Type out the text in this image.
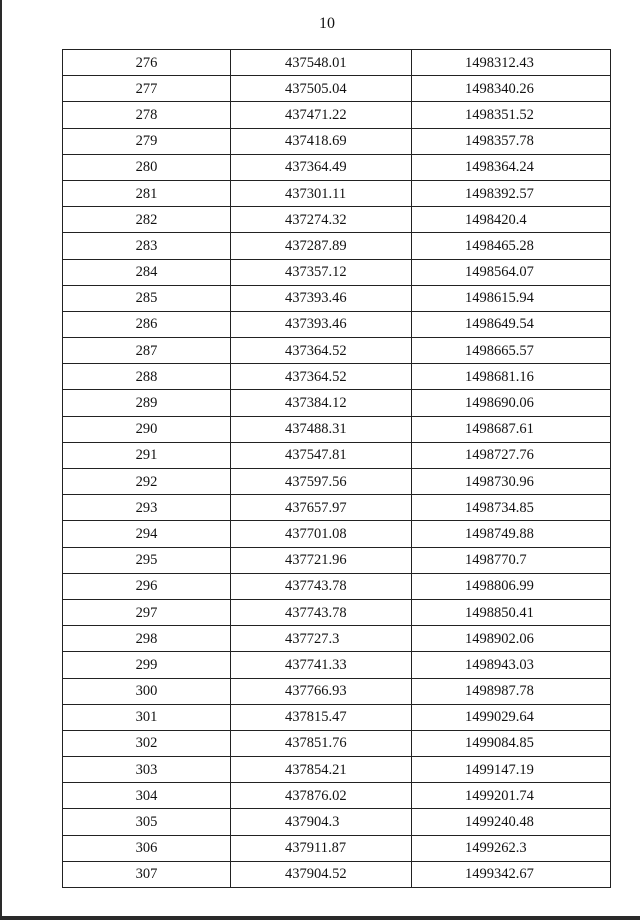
10
276	437548.01	1498312.43
277	437505.04	1498340.26
278	437471.22	1498351.52
279	437418.69	1498357.78
280	437364.49	1498364.24
281	437301.11	1498392.57
282	437274.32	1498420.4
283	437287.89	1498465.28
284	437357.12	1498564.07
285	437393.46	1498615.94
286	437393.46	1498649.54
287	437364.52	1498665.57
288	437364.52	1498681.16
289	437384.12	1498690.06
290	437488.31	1498687.61
291	437547.81	1498727.76
292	437597.56	1498730.96
293	437657.97	1498734.85
294	437701.08	1498749.88
295	437721.96	1498770.7
296	437743.78	1498806.99
297	437743.78	1498850.41
298	437727.3	1498902.06
299	437741.33	1498943.03
300	437766.93	1498987.78
301	437815.47	1499029.64
302	437851.76	1499084.85
303	437854.21	1499147.19
304	437876.02	1499201.74
305	437904.3	1499240.48
306	437911.87	1499262.3
307	437904.52	1499342.67
